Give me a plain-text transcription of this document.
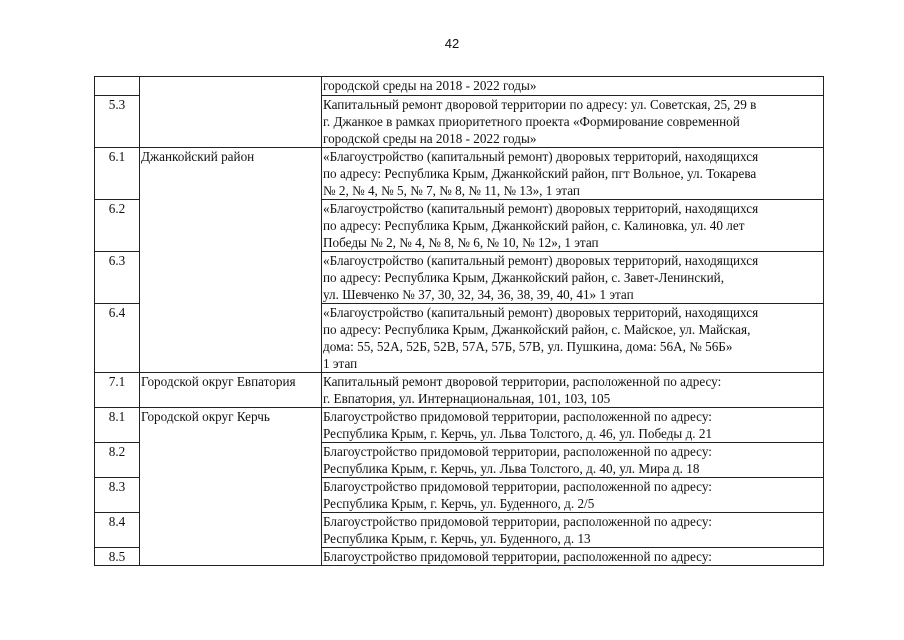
42

		городской среды на 2018 - 2022 годы»

5.3		Капитальный ремонт дворовой территории по адресу: ул. Советская, 25, 29 в
г. Джанкое в рамках приоритетного проекта «Формирование современной
городской среды на 2018 - 2022 годы»

6.1	Джанкойский район	«Благоустройство (капитальный ремонт) дворовых территорий, находящихся
по адресу: Республика Крым, Джанкойский район, пгт Вольное, ул. Токарева
№ 2, № 4, № 5, № 7, № 8, № 11, № 13», 1 этап

6.2		«Благоустройство (капитальный ремонт) дворовых территорий, находящихся
по адресу: Республика Крым, Джанкойский район, с. Калиновка, ул. 40 лет
Победы № 2, № 4, № 8, № 6, № 10, № 12», 1 этап

6.3		«Благоустройство (капитальный ремонт) дворовых территорий, находящихся
по адресу: Республика Крым, Джанкойский район, с. Завет-Ленинский,
ул. Шевченко № 37, 30, 32, 34, 36, 38, 39, 40, 41» 1 этап

6.4		«Благоустройство (капитальный ремонт) дворовых территорий, находящихся
по адресу: Республика Крым, Джанкойский район, с. Майское, ул. Майская,
дома: 55, 52А, 52Б, 52В, 57А, 57Б, 57В, ул. Пушкина, дома: 56А, № 56Б»
1 этап

7.1	Городской округ Евпатория	Капитальный ремонт дворовой территории, расположенной по адресу:
г. Евпатория, ул. Интернациональная, 101, 103, 105

8.1	Городской округ Керчь	Благоустройство придомовой территории, расположенной по адресу:
Республика Крым, г. Керчь, ул. Льва Толстого, д. 46, ул. Победы д. 21

8.2		Благоустройство придомовой территории, расположенной по адресу:
Республика Крым, г. Керчь, ул. Льва Толстого, д. 40, ул. Мира д. 18

8.3		Благоустройство придомовой территории, расположенной по адресу:
Республика Крым, г. Керчь, ул. Буденного, д. 2/5

8.4		Благоустройство придомовой территории, расположенной по адресу:
Республика Крым, г. Керчь, ул. Буденного, д. 13

8.5		Благоустройство придомовой территории, расположенной по адресу:
